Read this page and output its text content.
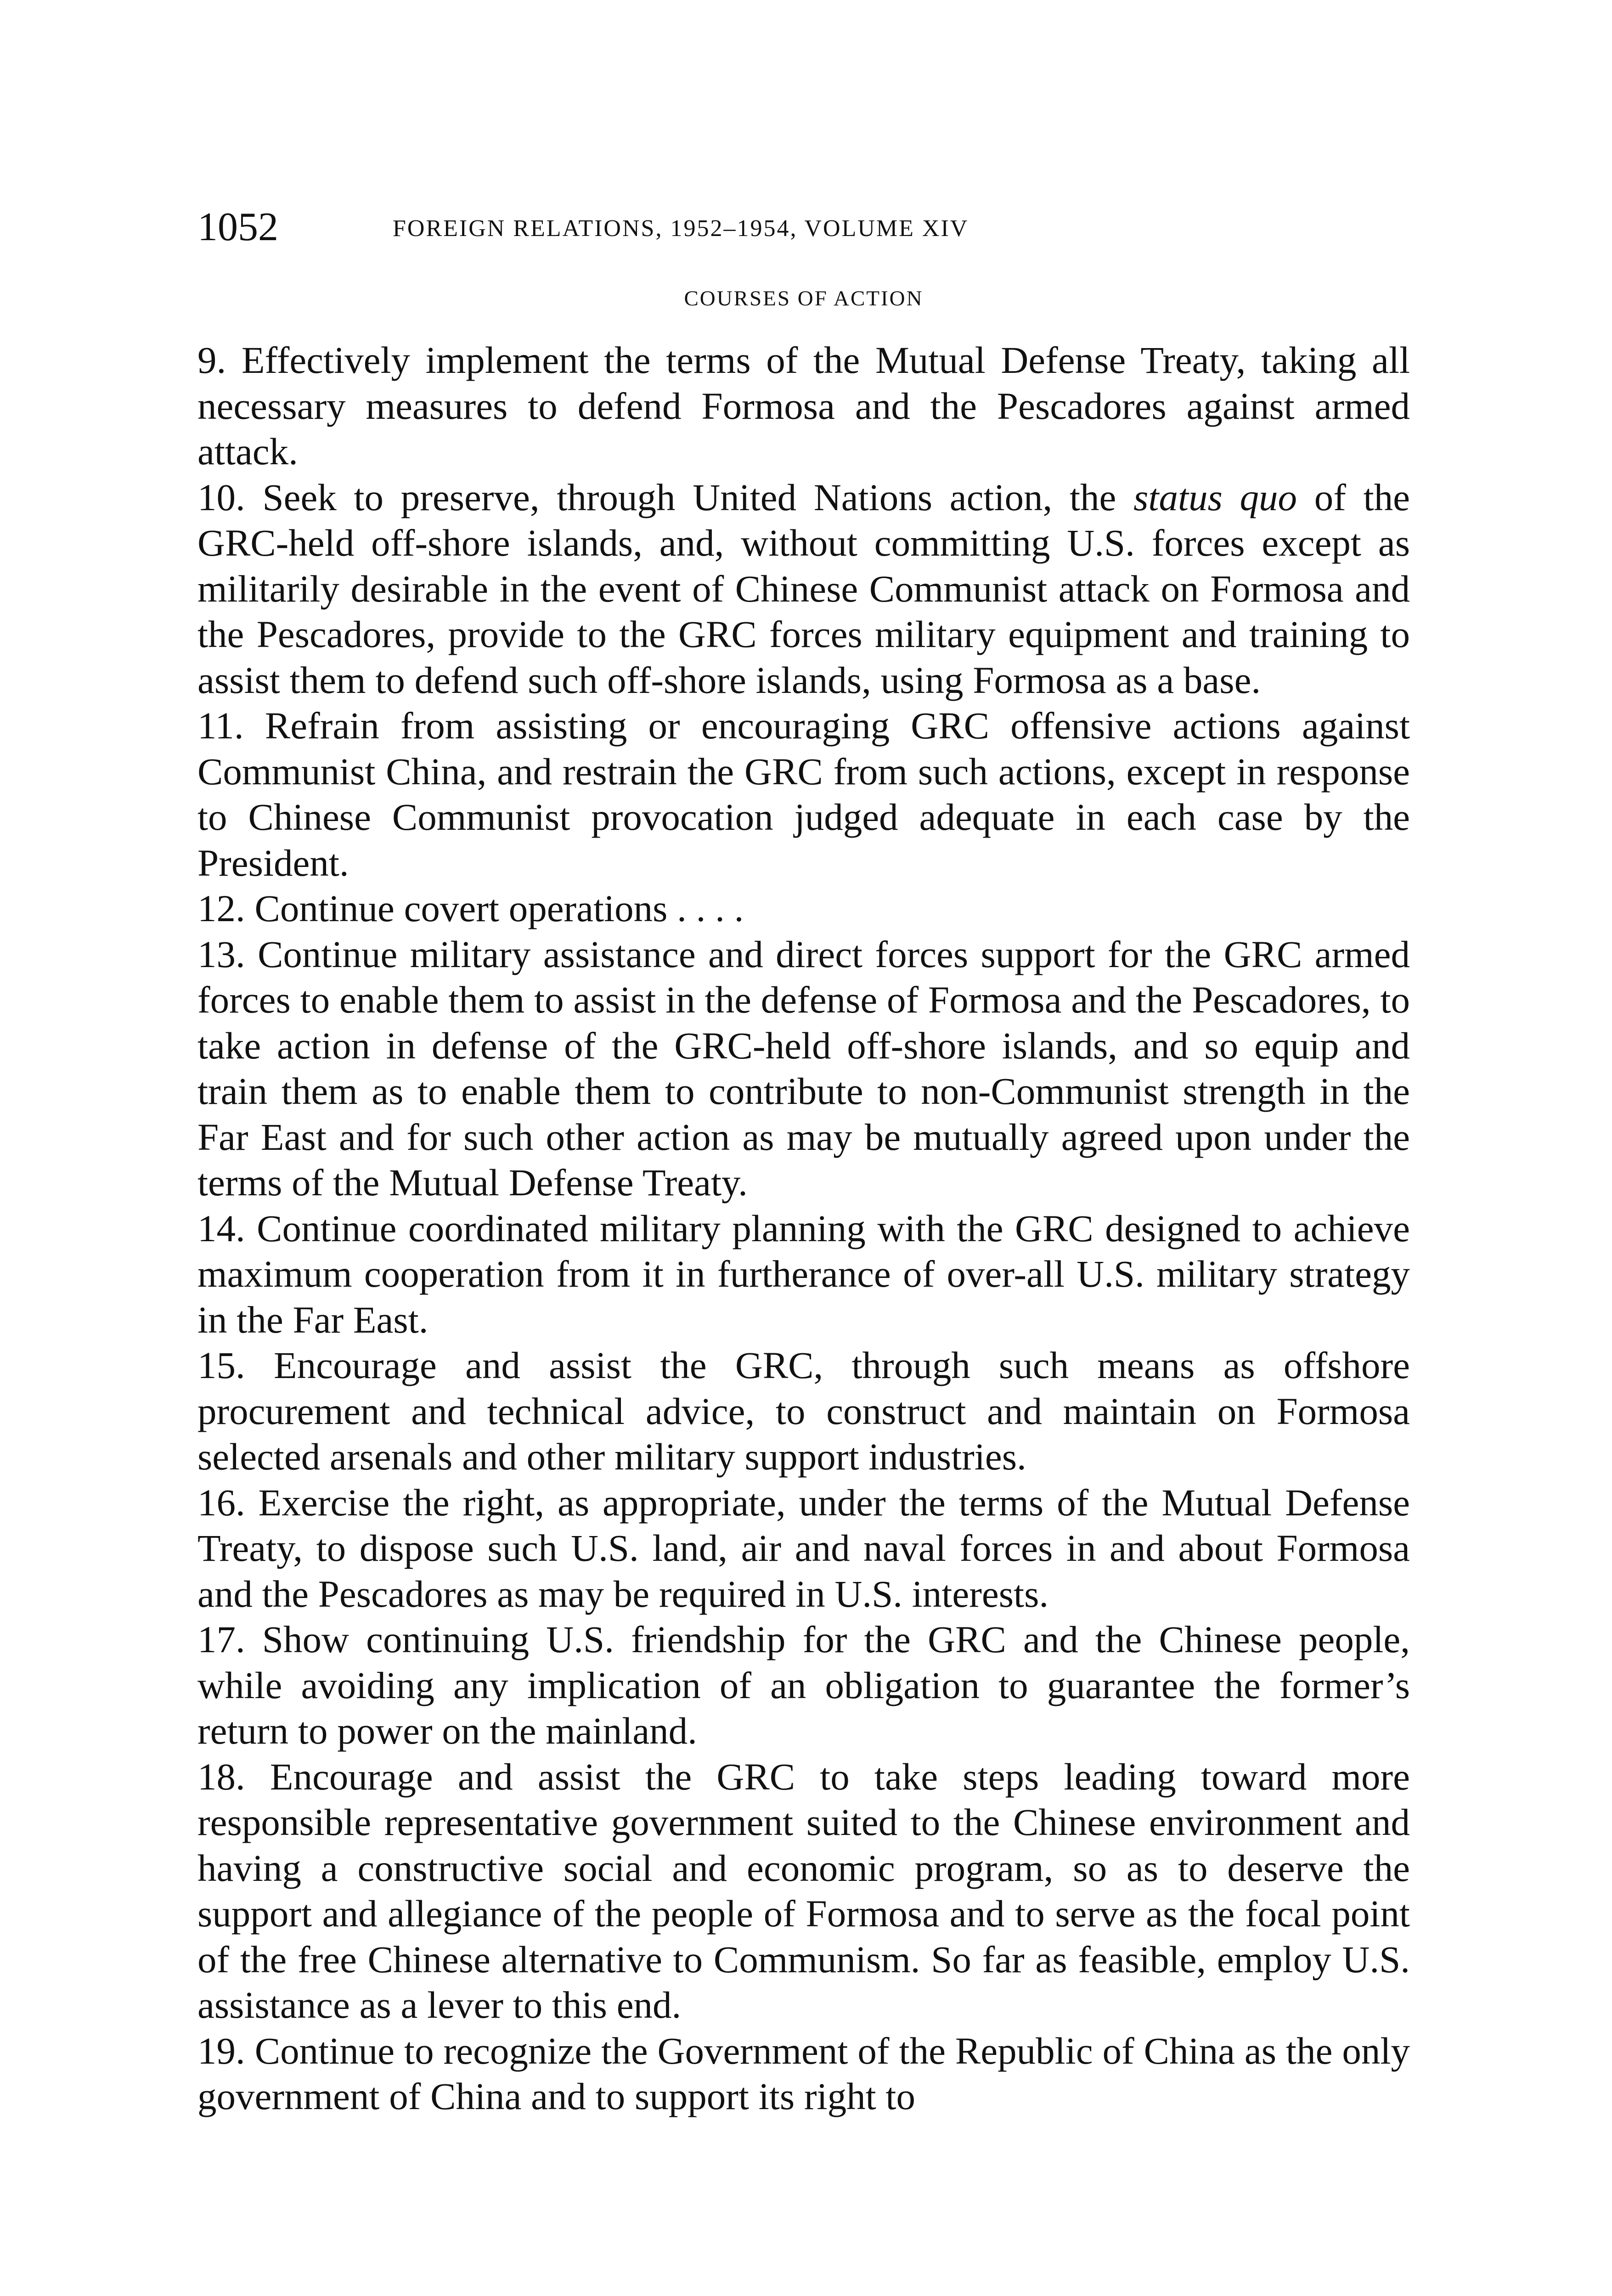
1052	FOREIGN RELATIONS, 1952–1954, VOLUME XIV
COURSES OF ACTION

9. Effectively implement the terms of the Mutual Defense Treaty, taking all necessary measures to defend Formosa and the Pescadores against armed attack.

10. Seek to preserve, through United Nations action, the status quo of the GRC-held off-shore islands, and, without committing U.S. forces except as militarily desirable in the event of Chinese Communist attack on Formosa and the Pescadores, provide to the GRC forces military equipment and training to assist them to defend such off-shore islands, using Formosa as a base.

11. Refrain from assisting or encouraging GRC offensive actions against Communist China, and restrain the GRC from such actions, except in response to Chinese Communist provocation judged adequate in each case by the President.

12. Continue covert operations . . . .

13. Continue military assistance and direct forces support for the GRC armed forces to enable them to assist in the defense of Formosa and the Pescadores, to take action in defense of the GRC-held off-shore islands, and so equip and train them as to enable them to contribute to non-Communist strength in the Far East and for such other action as may be mutually agreed upon under the terms of the Mutual Defense Treaty.

14. Continue coordinated military planning with the GRC designed to achieve maximum cooperation from it in furtherance of over-all U.S. military strategy in the Far East.

15. Encourage and assist the GRC, through such means as offshore procurement and technical advice, to construct and maintain on Formosa selected arsenals and other military support industries.

16. Exercise the right, as appropriate, under the terms of the Mutual Defense Treaty, to dispose such U.S. land, air and naval forces in and about Formosa and the Pescadores as may be required in U.S. interests.

17. Show continuing U.S. friendship for the GRC and the Chinese people, while avoiding any implication of an obligation to guarantee the former’s return to power on the mainland.

18. Encourage and assist the GRC to take steps leading toward more responsible representative government suited to the Chinese environment and having a constructive social and economic program, so as to deserve the support and allegiance of the people of Formosa and to serve as the focal point of the free Chinese alternative to Communism. So far as feasible, employ U.S. assistance as a lever to this end.

19. Continue to recognize the Government of the Republic of China as the only government of China and to support its right to
